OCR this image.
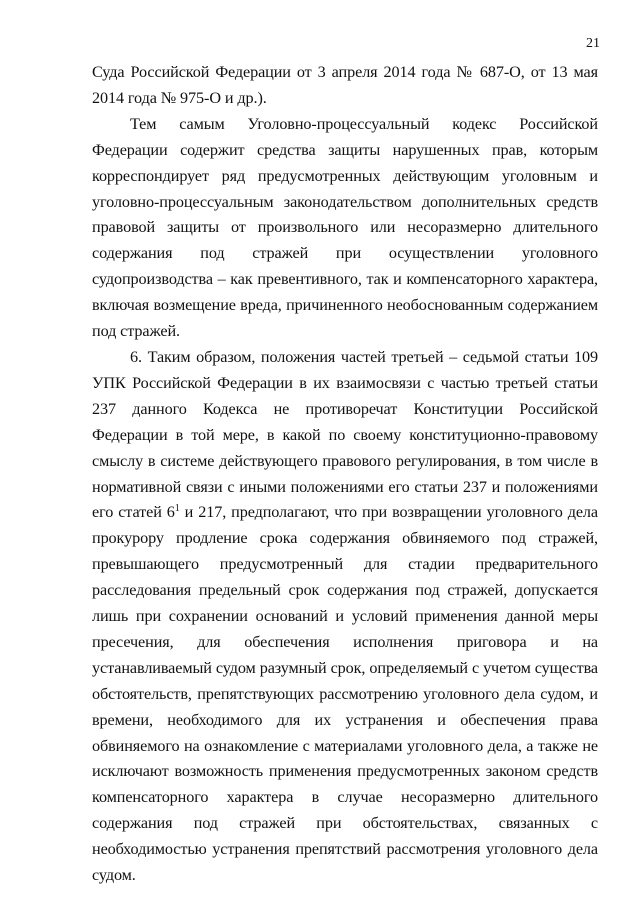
21

Суда Российской Федерации от 3 апреля 2014 года № 687-О, от 13 мая 2014 года № 975-О и др.).

Тем самым Уголовно-процессуальный кодекс Российской Федерации содержит средства защиты нарушенных прав, которым корреспондирует ряд предусмотренных действующим уголовным и уголовно-процессуальным законодательством дополнительных средств правовой защиты от произвольного или несоразмерно длительного содержания под стражей при осуществлении уголовного судопроизводства – как превентивного, так и компенсаторного характера, включая возмещение вреда, причиненного необоснованным содержанием под стражей.

6. Таким образом, положения частей третьей – седьмой статьи 109 УПК Российской Федерации в их взаимосвязи с частью третьей статьи 237 данного Кодекса не противоречат Конституции Российской Федерации в той мере, в какой по своему конституционно-правовому смыслу в системе действующего правового регулирования, в том числе в нормативной связи с иными положениями его статьи 237 и положениями его статей $6^1$ и 217, предполагают, что при возвращении уголовного дела прокурору продление срока содержания обвиняемого под стражей, превышающего предусмотренный для стадии предварительного расследования предельный срок содержания под стражей, допускается лишь при сохранении оснований и условий применения данной меры пресечения, для обеспечения исполнения приговора и на устанавливаемый судом разумный срок, определяемый с учетом существа обстоятельств, препятствующих рассмотрению уголовного дела судом, и времени, необходимого для их устранения и обеспечения права обвиняемого на ознакомление с материалами уголовного дела, а также не исключают возможность применения предусмотренных законом средств компенсаторного характера в случае несоразмерно длительного содержания под стражей при обстоятельствах, связанных с необходимостью устранения препятствий рассмотрения уголовного дела судом.
